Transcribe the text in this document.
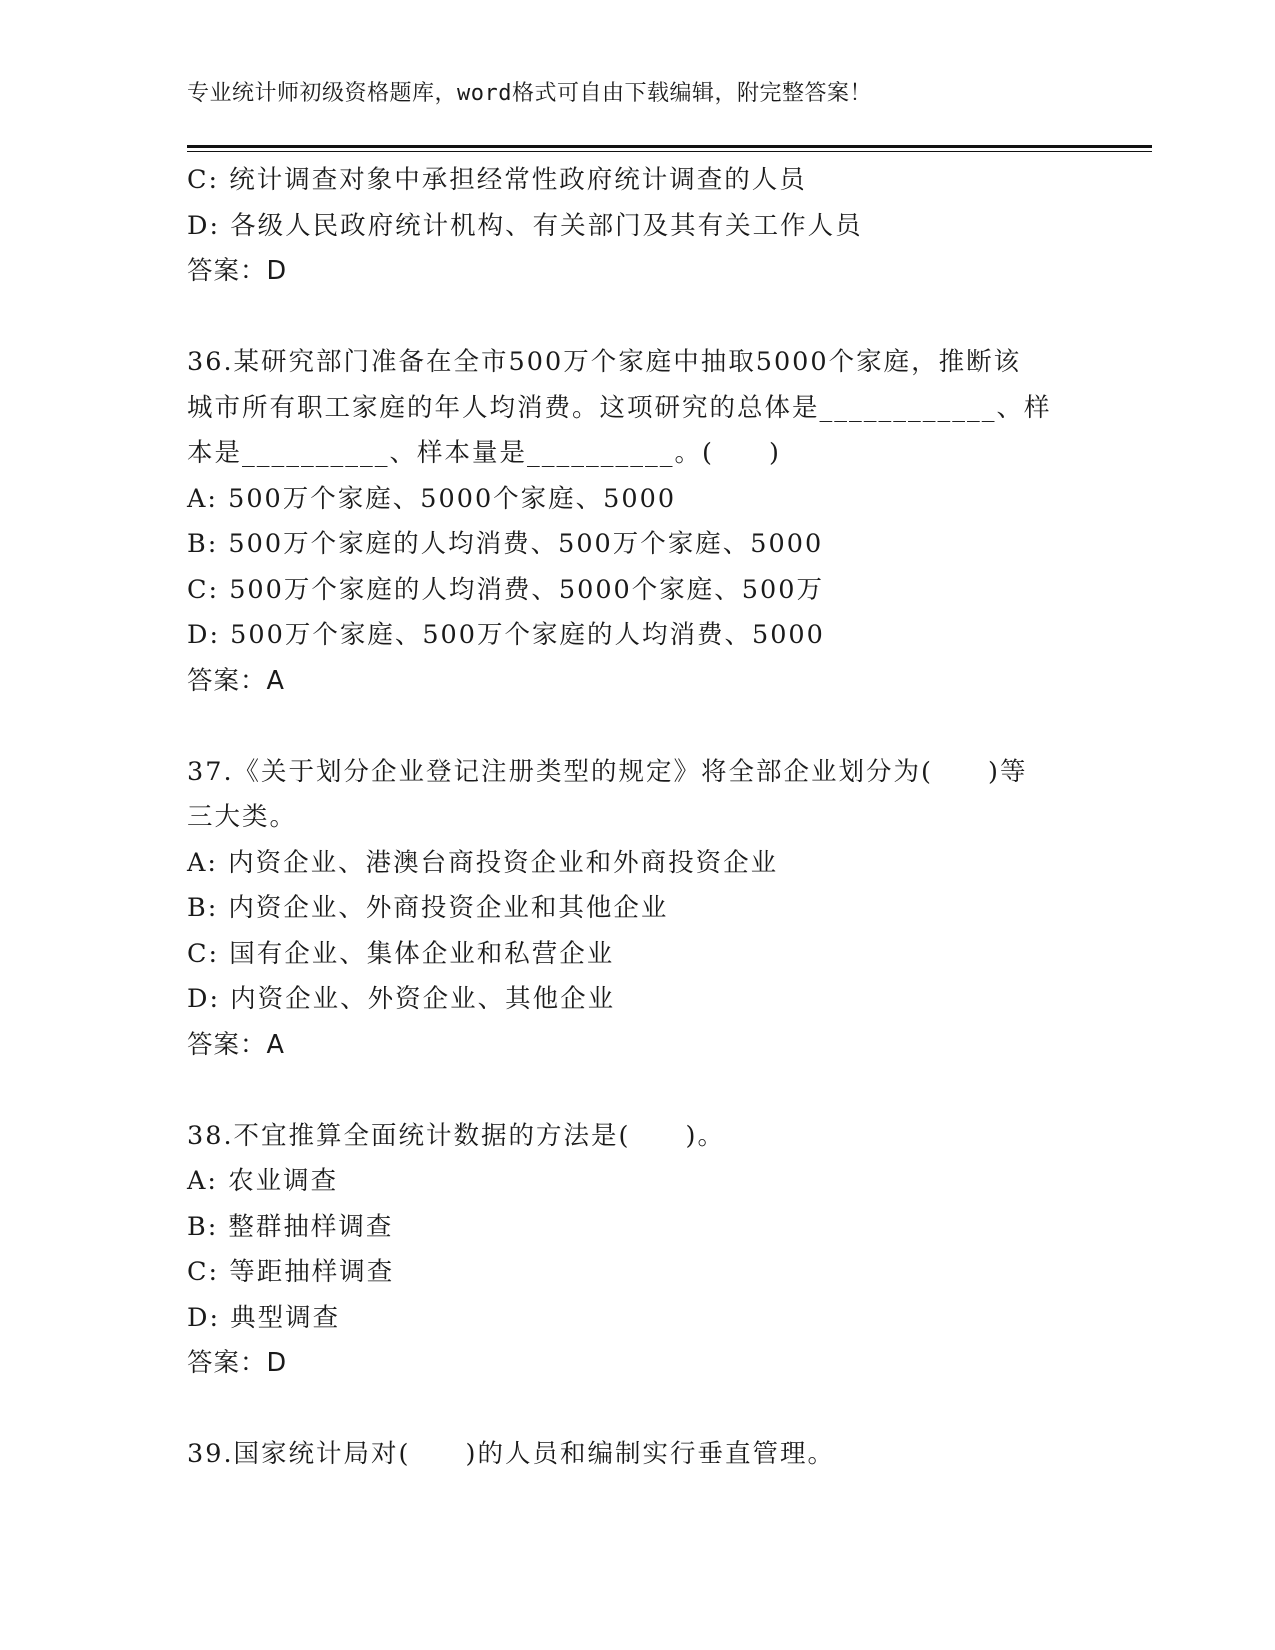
专业统计师初级资格题库，word格式可自由下载编辑，附完整答案！
C: 统计调查对象中承担经常性政府统计调查的人员
D: 各级人民政府统计机构、有关部门及其有关工作人员
答案：D
36.某研究部门准备在全市500万个家庭中抽取5000个家庭，推断该
城市所有职工家庭的年人均消费。这项研究的总体是____________、样
本是__________、样本量是__________。(　　)
A: 500万个家庭、5000个家庭、5000
B: 500万个家庭的人均消费、500万个家庭、5000
C: 500万个家庭的人均消费、5000个家庭、500万
D: 500万个家庭、500万个家庭的人均消费、5000
答案：A
37.《关于划分企业登记注册类型的规定》将全部企业划分为(　　)等
三大类。
A: 内资企业、港澳台商投资企业和外商投资企业
B: 内资企业、外商投资企业和其他企业
C: 国有企业、集体企业和私营企业
D: 内资企业、外资企业、其他企业
答案：A
38.不宜推算全面统计数据的方法是(　　)。
A: 农业调查
B: 整群抽样调查
C: 等距抽样调查
D: 典型调查
答案：D
39.国家统计局对(　　)的人员和编制实行垂直管理。
